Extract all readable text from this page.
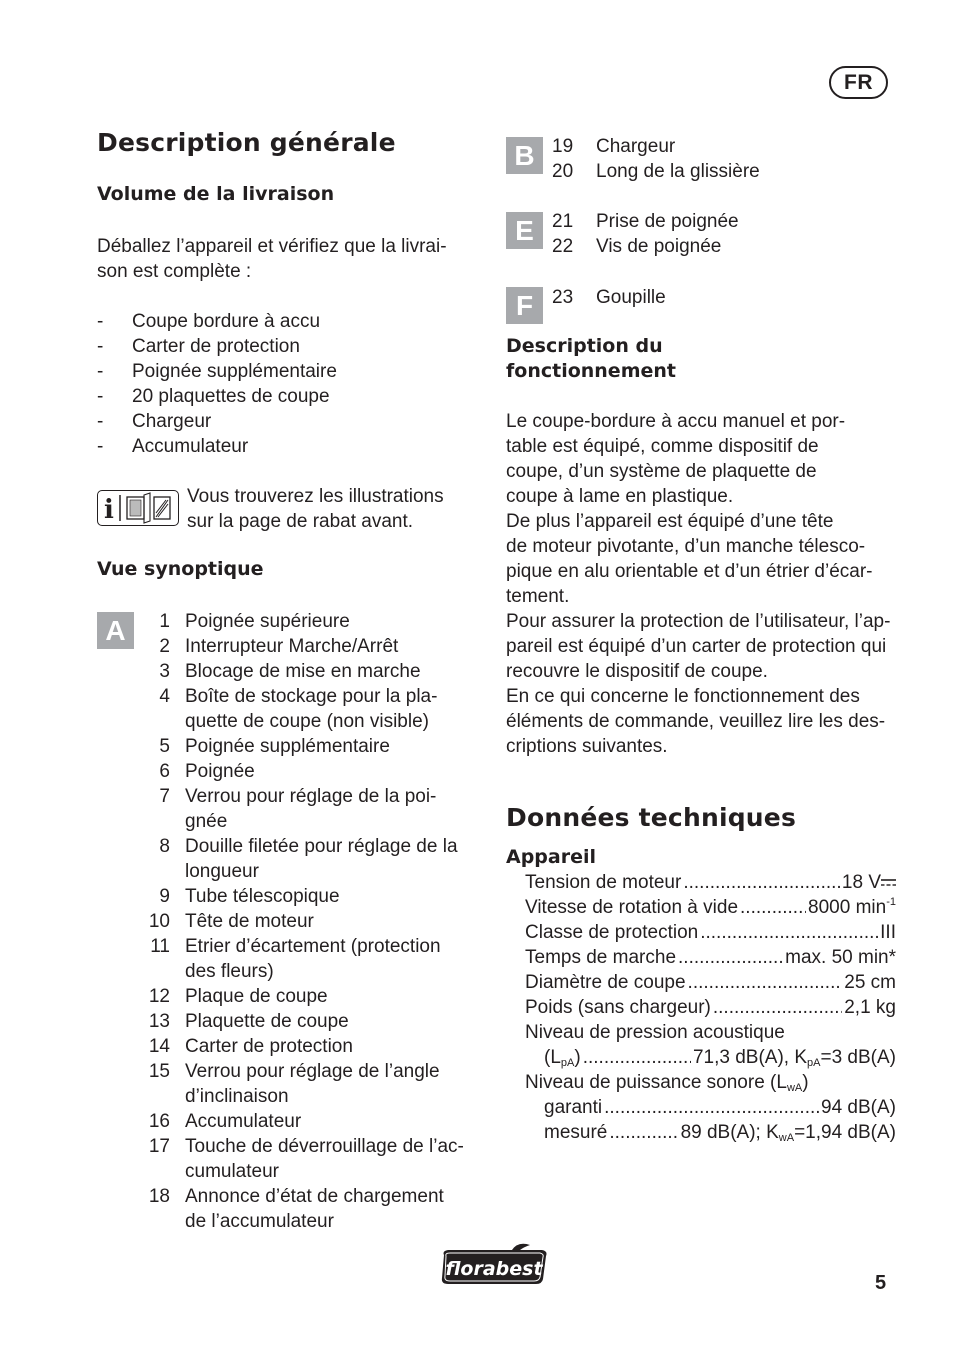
FR
Description générale
Volume de la livraison
Déballez l’appareil et vérifiez que la livrai-
son est complète :
-	Coupe bordure à accu
-	Carter de protection
-	Poignée supplémentaire
-	20 plaquettes de coupe
-	Chargeur
-	Accumulateur
i	Vous trouverez les illustrations
sur la page de rabat avant.
Vue synoptique
A	1 Poignée supérieure
2 Interrupteur Marche/Arrêt
3 Blocage de mise en marche
4 Boîte de stockage pour la pla-
quette de coupe (non visible)
5 Poignée supplémentaire
6 Poignée
7 Verrou pour réglage de la poi-
gnée
8 Douille filetée pour réglage de la
longueur
9 Tube télescopique
10 Tête de moteur
11 Etrier d’écartement (protection
des fleurs)
12 Plaque de coupe
13 Plaquette de coupe
14 Carter de protection
15 Verrou pour réglage de l’angle
d’inclinaison
16 Accumulateur
17 Touche de déverrouillage de l’ac-
cumulateur
18 Annonce d’état de chargement
de l’accumulateur
B 19	Chargeur
20	Long de la glissière
E 21	Prise de poignée
22	Vis de poignée
F 23	Goupille
Description du
fonctionnement
Le coupe-bordure à accu manuel et por-
table est équipé, comme dispositif de
coupe, d’un système de plaquette de
coupe à lame en plastique.
De plus l’appareil est équipé d’une tête
de moteur pivotante, d’un manche télesco-
pique en alu orientable et d’un étrier d’écar-
tement.
Pour assurer la protection de l’utilisateur, l’ap-
pareil est équipé d’un carter de protection qui
recouvre le dispositif de coupe.
En ce qui concerne le fonctionnement des
éléments de commande, veuillez lire les des-
criptions suivantes.
Données techniques
Appareil
Tension de moteur .....	18 V
Vitesse de rotation à vide .....	8000 $\min^{-1}$
Classe de protection .....	III
Temps de marche .....	max. 50 min*
Diamètre de coupe .....	25 cm
Poids (sans chargeur) .....	2,1 kg
Niveau de pression acoustique
$(L_{pA})$ .....	71,3 dB(A), $K_{pA}=3$ dB(A)
Niveau de puissance sonore $(L_{wA})$
garanti .....	94 dB(A)
mesuré .....	89 dB(A); $K_{wA}=1,94$ dB(A)
florabest
5
